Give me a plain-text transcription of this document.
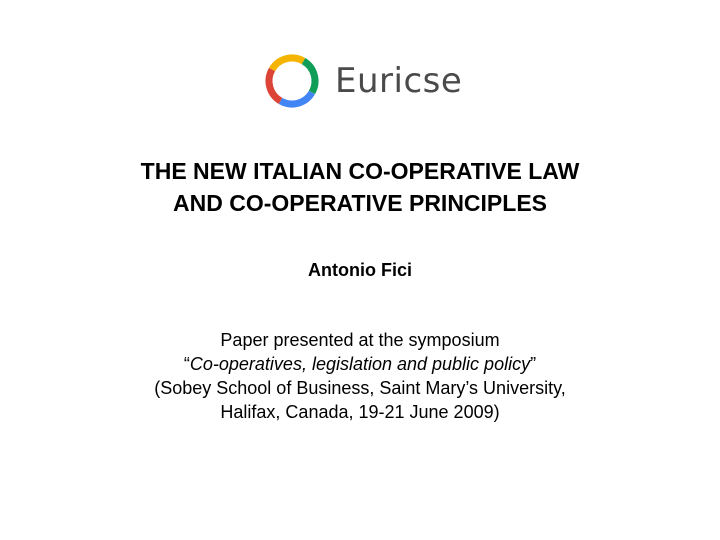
Euricse
THE NEW ITALIAN CO-OPERATIVE LAW
AND CO-OPERATIVE PRINCIPLES
Antonio Fici
Paper presented at the symposium
“Co-operatives, legislation and public policy”
(Sobey School of Business, Saint Mary’s University,
Halifax, Canada, 19-21 June 2009)
